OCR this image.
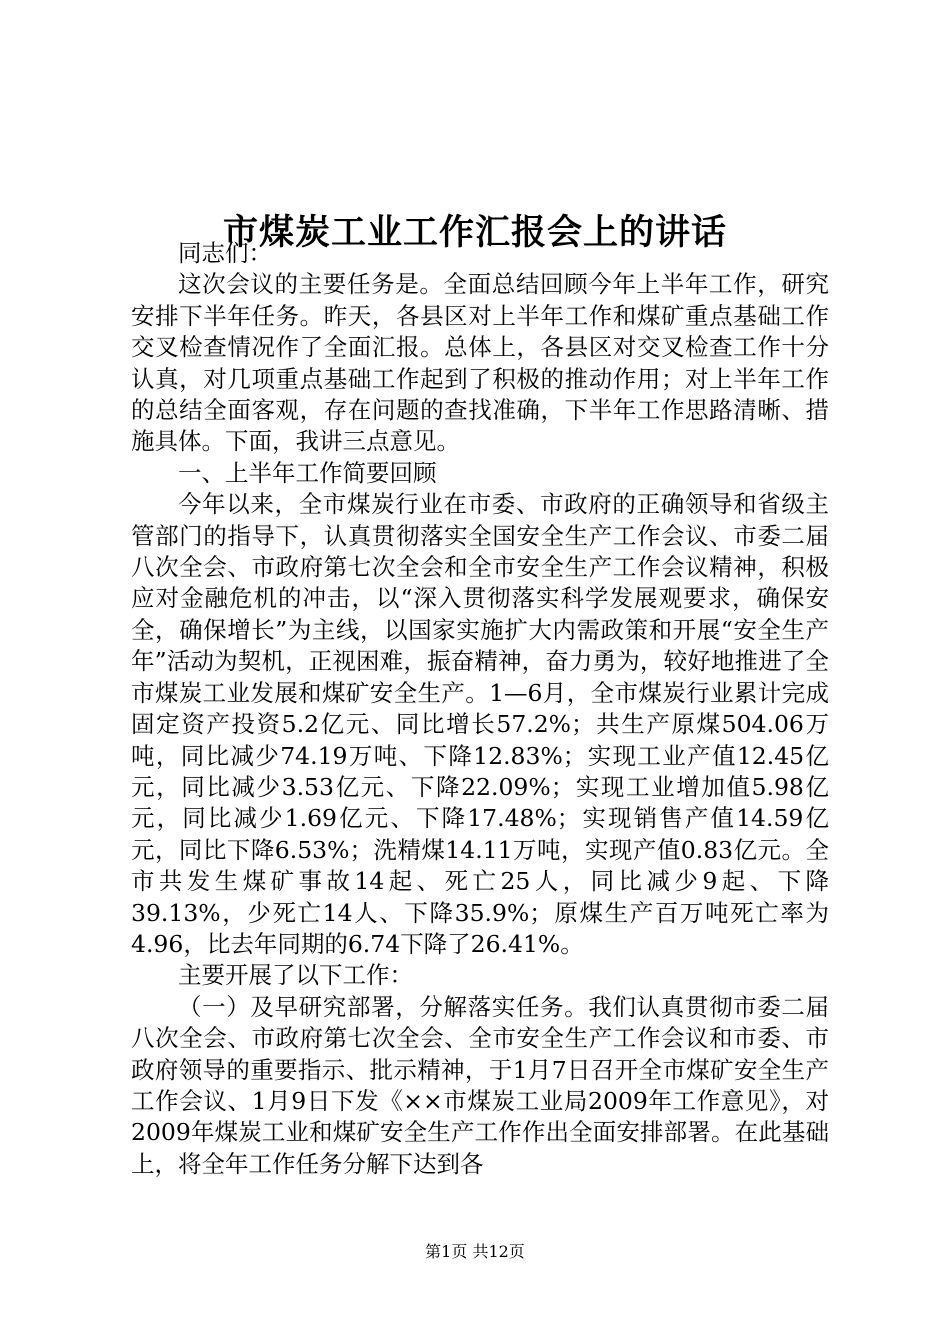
市煤炭工业工作汇报会上的讲话

同志们：

这次会议的主要任务是。全面总结回顾今年上半年工作，研究安排下半年任务。昨天，各县区对上半年工作和煤矿重点基础工作交叉检查情况作了全面汇报。总体上，各县区对交叉检查工作十分认真，对几项重点基础工作起到了积极的推动作用；对上半年工作的总结全面客观，存在问题的查找准确，下半年工作思路清晰、措施具体。下面，我讲三点意见。

一、上半年工作简要回顾

今年以来，全市煤炭行业在市委、市政府的正确领导和省级主管部门的指导下，认真贯彻落实全国安全生产工作会议、市委二届八次全会、市政府第七次全会和全市安全生产工作会议精神，积极应对金融危机的冲击，以“深入贯彻落实科学发展观要求，确保安全，确保增长”为主线，以国家实施扩大内需政策和开展“安全生产年”活动为契机，正视困难，振奋精神，奋力勇为，较好地推进了全市煤炭工业发展和煤矿安全生产。1—6月，全市煤炭行业累计完成固定资产投资5.2亿元、同比增长57.2%；共生产原煤504.06万吨，同比减少74.19万吨、下降12.83%；实现工业产值12.45亿元，同比减少3.53亿元、下降22.09%；实现工业增加值5.98亿元，同比减少1.69亿元、下降17.48%；实现销售产值14.59亿元，同比下降6.53%；洗精煤14.11万吨，实现产值0.83亿元。全市共发生煤矿事故14起、死亡25人，同比减少9起、下降39.13%，少死亡14人、下降35.9%；原煤生产百万吨死亡率为4.96，比去年同期的6.74下降了26.41%。

主要开展了以下工作：

（一）及早研究部署，分解落实任务。我们认真贯彻市委二届八次全会、市政府第七次全会、全市安全生产工作会议和市委、市政府领导的重要指示、批示精神，于1月7日召开全市煤矿安全生产工作会议、1月9日下发《××市煤炭工业局2009年工作意见》，对2009年煤炭工业和煤矿安全生产工作作出全面安排部署。在此基础上，将全年工作任务分解下达到各

第1页 共12页
